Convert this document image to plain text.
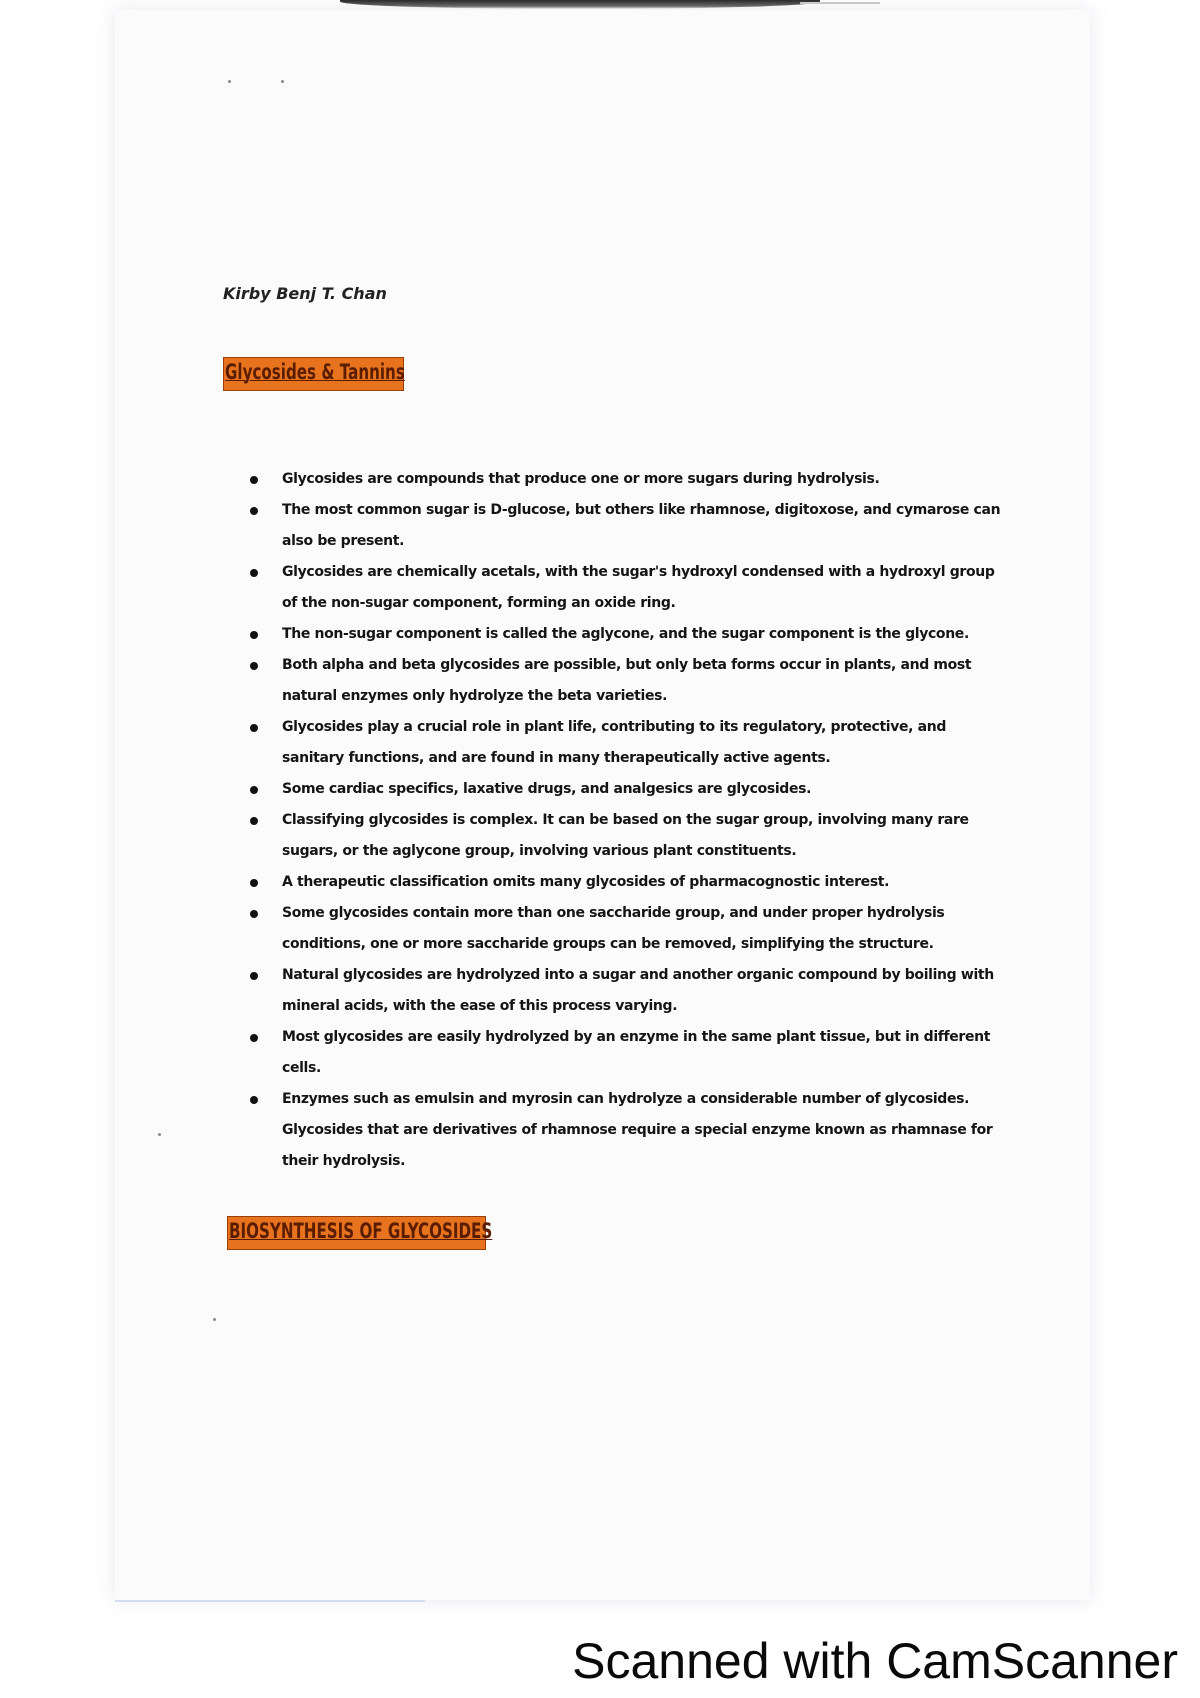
Kirby Benj T. Chan
Glycosides & Tannins
Glycosides are compounds that produce one or more sugars during hydrolysis.
The most common sugar is D-glucose, but others like rhamnose, digitoxose, and cymarose can also be present.
Glycosides are chemically acetals, with the sugar's hydroxyl condensed with a hydroxyl group of the non-sugar component, forming an oxide ring.
The non-sugar component is called the aglycone, and the sugar component is the glycone.
Both alpha and beta glycosides are possible, but only beta forms occur in plants, and most natural enzymes only hydrolyze the beta varieties.
Glycosides play a crucial role in plant life, contributing to its regulatory, protective, and sanitary functions, and are found in many therapeutically active agents.
Some cardiac specifics, laxative drugs, and analgesics are glycosides.
Classifying glycosides is complex. It can be based on the sugar group, involving many rare sugars, or the aglycone group, involving various plant constituents.
A therapeutic classification omits many glycosides of pharmacognostic interest.
Some glycosides contain more than one saccharide group, and under proper hydrolysis conditions, one or more saccharide groups can be removed, simplifying the structure.
Natural glycosides are hydrolyzed into a sugar and another organic compound by boiling with mineral acids, with the ease of this process varying.
Most glycosides are easily hydrolyzed by an enzyme in the same plant tissue, but in different cells.
Enzymes such as emulsin and myrosin can hydrolyze a considerable number of glycosides. Glycosides that are derivatives of rhamnose require a special enzyme known as rhamnase for their hydrolysis.
BIOSYNTHESIS OF GLYCOSIDES
Scanned with CamScanner
